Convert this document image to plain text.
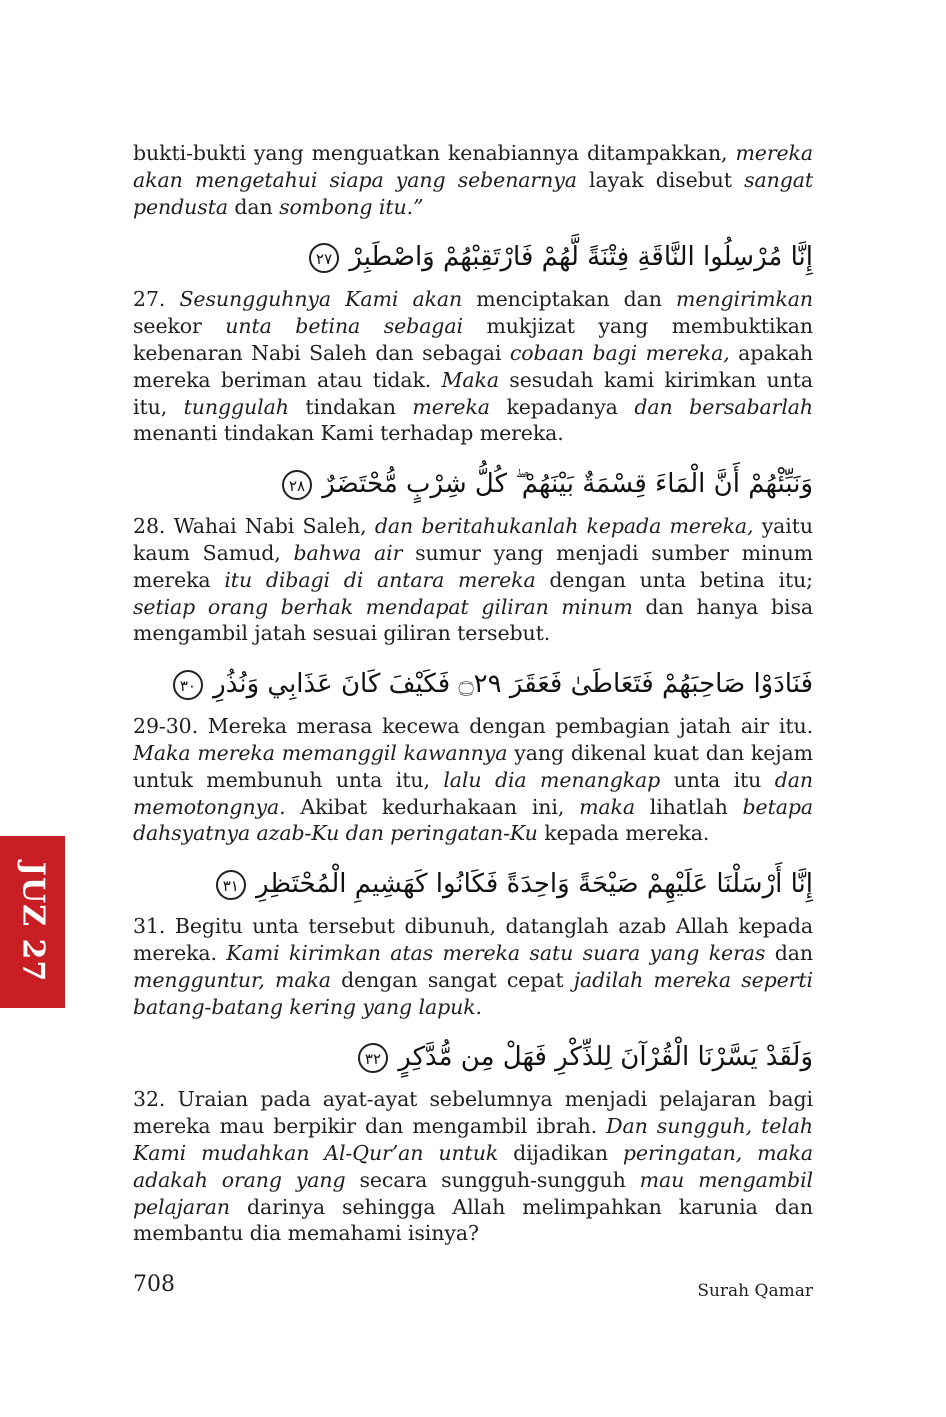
bukti-bukti yang menguatkan kenabiannya ditampakkan, mereka akan mengetahui siapa yang sebenarnya layak disebut sangat pendusta dan sombong itu.”

إِنَّا مُرْسِلُوا النَّاقَةِ فِتْنَةً لَّهُمْ فَارْتَقِبْهُمْ وَاصْطَبِرْ ٢٧

27. Sesungguhnya Kami akan menciptakan dan mengirimkan seekor unta betina sebagai mukjizat yang membuktikan kebenaran Nabi Saleh dan sebagai cobaan bagi mereka, apakah mereka beriman atau tidak. Maka sesudah kami kirimkan unta itu, tunggulah tindakan mereka kepadanya dan bersabarlah menanti tindakan Kami terhadap mereka.

وَنَبِّئْهُمْ أَنَّ الْمَاءَ قِسْمَةٌ بَيْنَهُمْ ۖ كُلُّ شِرْبٍ مُّحْتَضَرٌ ٢٨

28. Wahai Nabi Saleh, dan beritahukanlah kepada mereka, yaitu kaum Samud, bahwa air sumur yang menjadi sumber minum mereka itu dibagi di antara mereka dengan unta betina itu; setiap orang berhak mendapat giliran minum dan hanya bisa mengambil jatah sesuai giliran tersebut.

فَنَادَوْا صَاحِبَهُمْ فَتَعَاطَىٰ فَعَقَرَ ۝٢٩ فَكَيْفَ كَانَ عَذَابِي وَنُذُرِ ٣٠

29-30. Mereka merasa kecewa dengan pembagian jatah air itu. Maka mereka memanggil kawannya yang dikenal kuat dan kejam untuk membunuh unta itu, lalu dia menangkap unta itu dan memotongnya. Akibat kedurhakaan ini, maka lihatlah betapa dahsyatnya azab-Ku dan peringatan-Ku kepada mereka.

إِنَّا أَرْسَلْنَا عَلَيْهِمْ صَيْحَةً وَاحِدَةً فَكَانُوا كَهَشِيمِ الْمُحْتَظِرِ ٣١

31. Begitu unta tersebut dibunuh, datanglah azab Allah kepada mereka. Kami kirimkan atas mereka satu suara yang keras dan mengguntur, maka dengan sangat cepat jadilah mereka seperti batang-batang kering yang lapuk.

وَلَقَدْ يَسَّرْنَا الْقُرْآنَ لِلذِّكْرِ فَهَلْ مِن مُّدَّكِرٍ ٣٢

32. Uraian pada ayat-ayat sebelumnya menjadi pelajaran bagi mereka mau berpikir dan mengambil ibrah. Dan sungguh, telah Kami mudahkan Al-Qur’an untuk dijadikan peringatan, maka adakah orang yang secara sungguh-sungguh mau mengambil pelajaran darinya sehingga Allah melimpahkan karunia dan membantu dia memahami isinya?

JUZ 27
708	Surah Qamar
